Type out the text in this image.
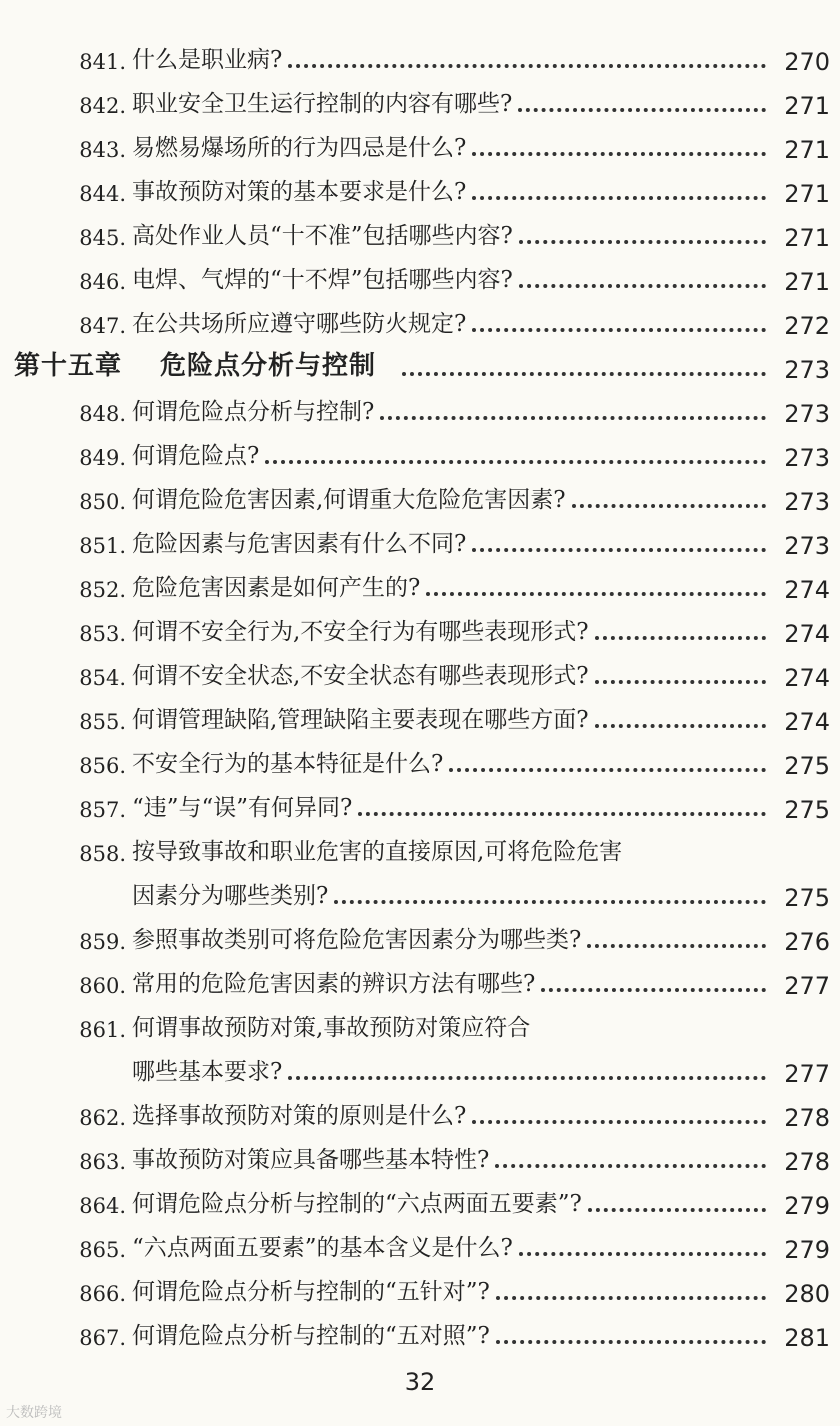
841. 什么是职业病?	270
842. 职业安全卫生运行控制的内容有哪些?	271
843. 易燃易爆场所的行为四忌是什么?	271
844. 事故预防对策的基本要求是什么?	271
845. 高处作业人员“十不准”包括哪些内容?	271
846. 电焊、气焊的“十不焊”包括哪些内容?	271
847. 在公共场所应遵守哪些防火规定?	272
第十五章 危险点分析与控制	273
848. 何谓危险点分析与控制?	273
849. 何谓危险点?	273
850. 何谓危险危害因素,何谓重大危险危害因素?	273
851. 危险因素与危害因素有什么不同?	273
852. 危险危害因素是如何产生的?	274
853. 何谓不安全行为,不安全行为有哪些表现形式?	274
854. 何谓不安全状态,不安全状态有哪些表现形式?	274
855. 何谓管理缺陷,管理缺陷主要表现在哪些方面?	274
856. 不安全行为的基本特征是什么?	275
857. “违”与“误”有何异同?	275
858. 按导致事故和职业危害的直接原因,可将危险危害
因素分为哪些类别?	275
859. 参照事故类别可将危险危害因素分为哪些类?	276
860. 常用的危险危害因素的辨识方法有哪些?	277
861. 何谓事故预防对策,事故预防对策应符合
哪些基本要求?	277
862. 选择事故预防对策的原则是什么?	278
863. 事故预防对策应具备哪些基本特性?	278
864. 何谓危险点分析与控制的“六点两面五要素”?	279
865. “六点两面五要素”的基本含义是什么?	279
866. 何谓危险点分析与控制的“五针对”?	280
867. 何谓危险点分析与控制的“五对照”?	281
32
大数跨境
